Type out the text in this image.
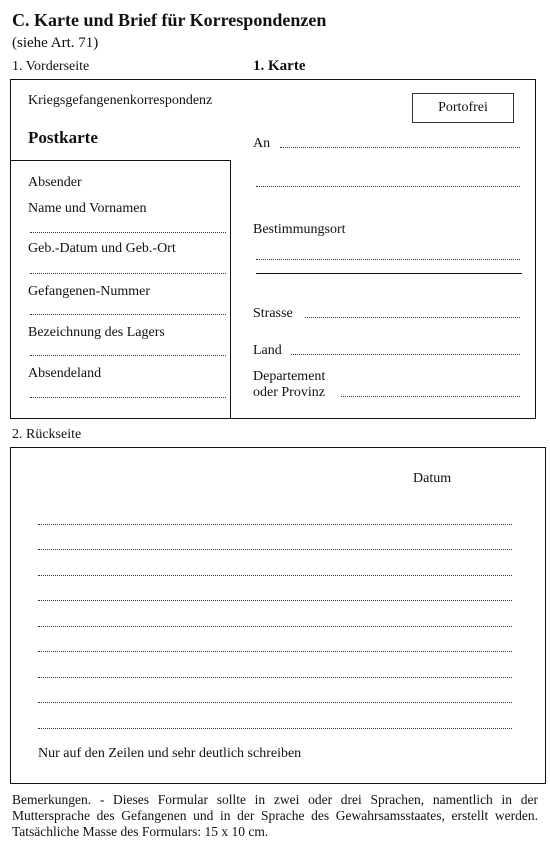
C. Karte und Brief für Korrespondenzen
(siehe Art. 71)
1. Vorderseite	1. Karte
Kriegsgefangenenkorrespondenz	Portofrei
Postkarte
Absender
Name und Vornamen
Geb.-Datum und Geb.-Ort
Gefangenen-Nummer
Bezeichnung des Lagers
Absendeland
An
Bestimmungsort
Strasse
Land
Departement
oder Provinz
2. Rückseite
Datum
Nur auf den Zeilen und sehr deutlich schreiben
Bemerkungen. - Dieses Formular sollte in zwei oder drei Sprachen, namentlich in der Muttersprache des Gefangenen und in der Sprache des Gewahrsamsstaates, erstellt werden. Tatsächliche Masse des Formulars: 15 x 10 cm.
